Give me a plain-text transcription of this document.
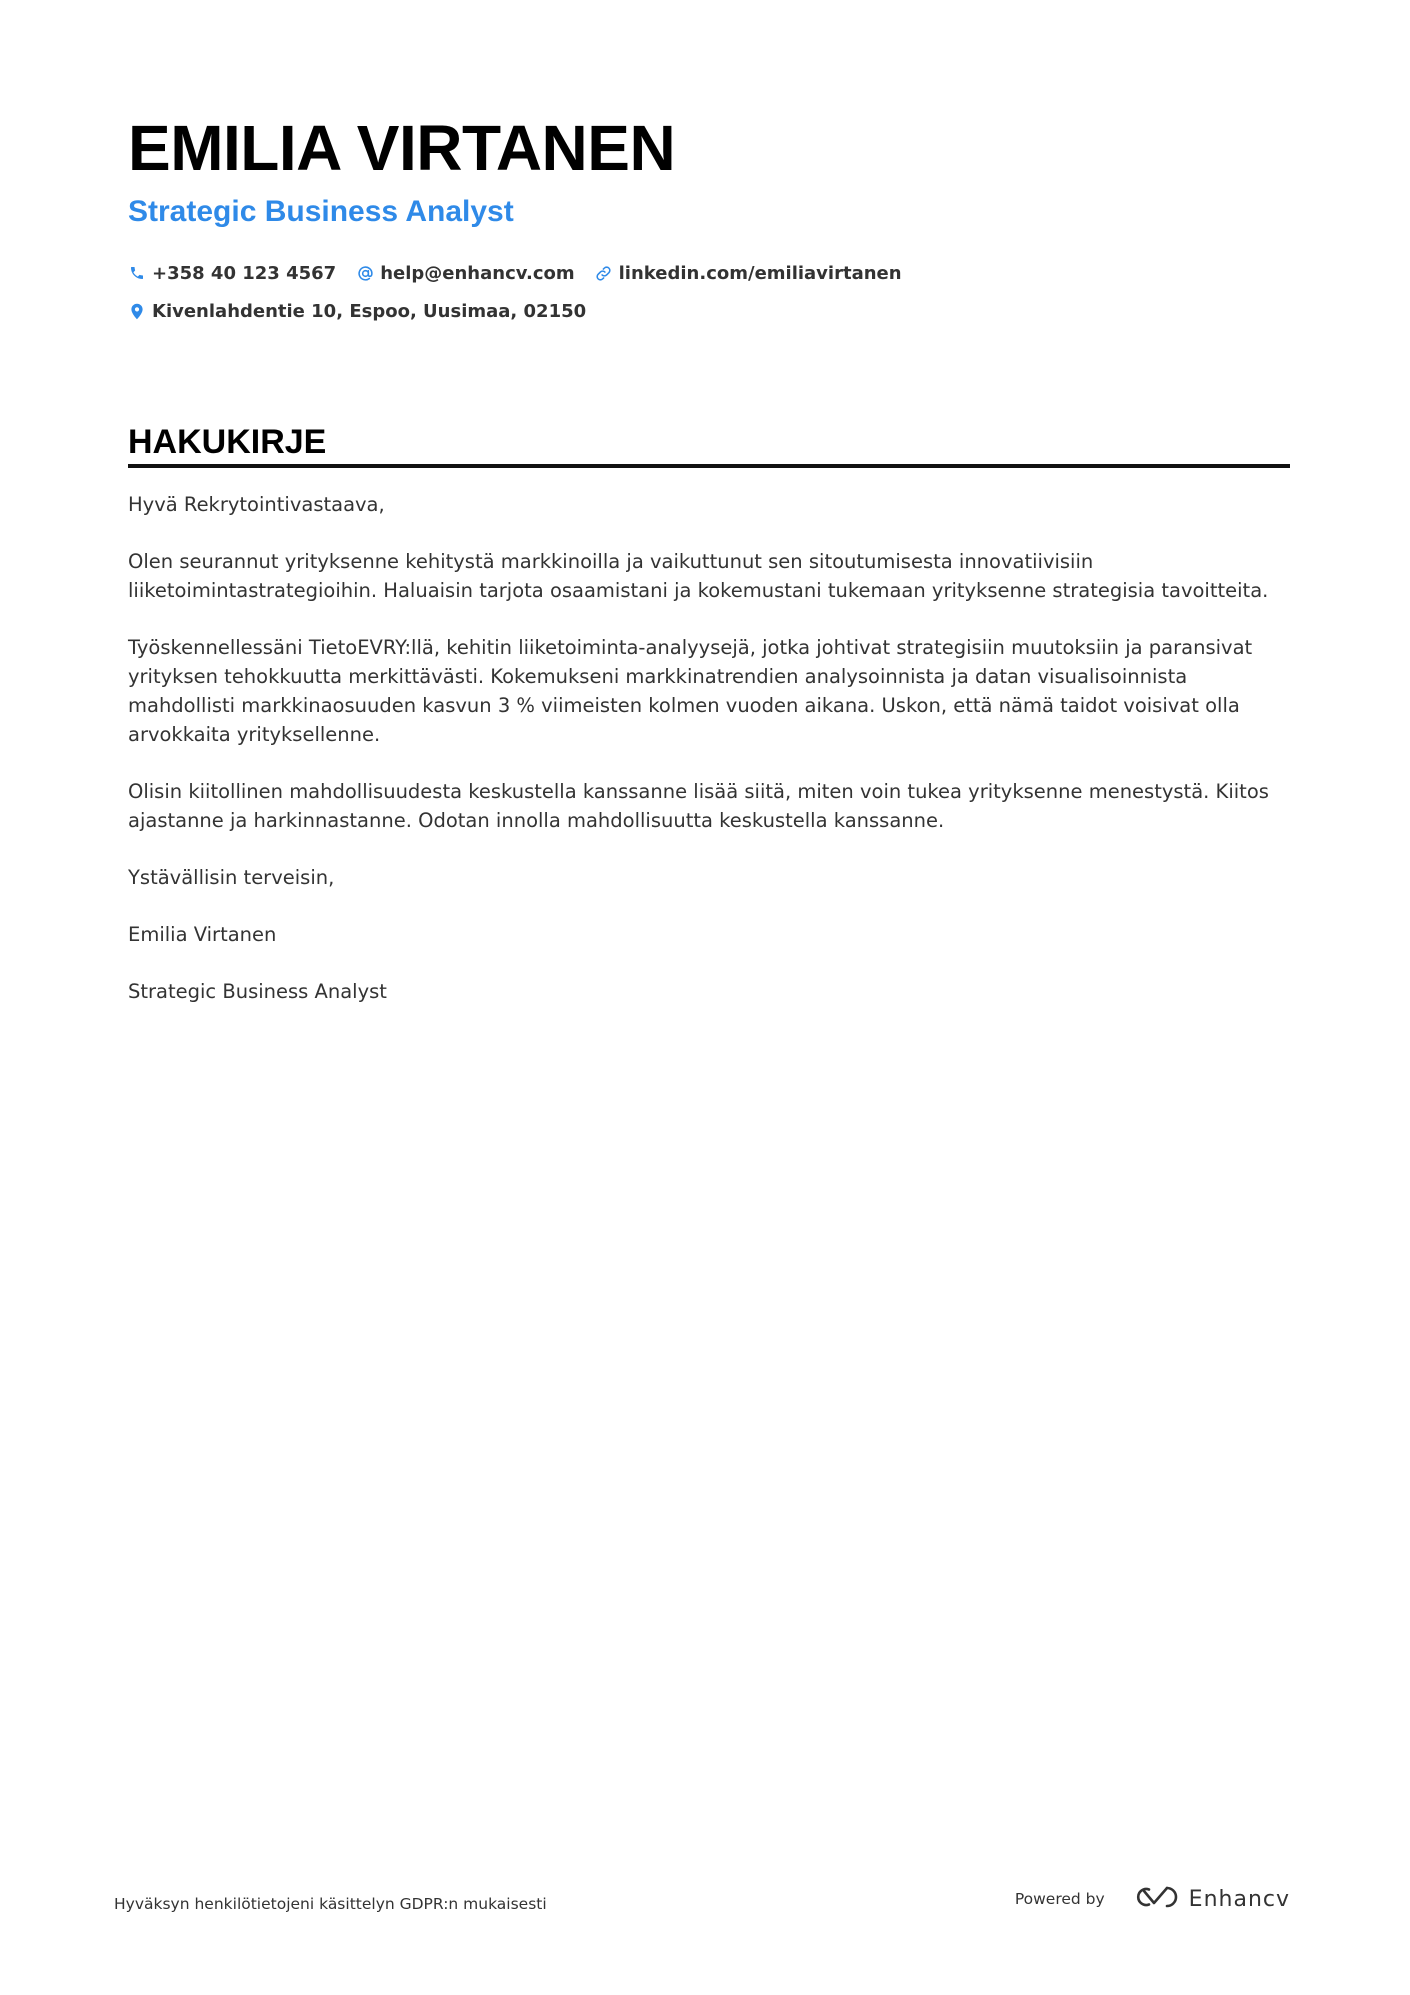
EMILIA VIRTANEN
Strategic Business Analyst
+358 40 123 4567 help@enhancv.com linkedin.com/emiliavirtanen
Kivenlahdentie 10, Espoo, Uusimaa, 02150
HAKUKIRJE

Hyvä Rekrytointivastaava,

Olen seurannut yrityksenne kehitystä markkinoilla ja vaikuttunut sen sitoutumisesta innovatiivisiin liiketoimintastrategioihin. Haluaisin tarjota osaamistani ja kokemustani tukemaan yrityksenne strategisia tavoitteita.

Työskennellessäni TietoEVRY:llä, kehitin liiketoiminta-analyysejä, jotka johtivat strategisiin muutoksiin ja paransivat yrityksen tehokkuutta merkittävästi. Kokemukseni markkinatrendien analysoinnista ja datan visualisoinnista mahdollisti markkinaosuuden kasvun 3 % viimeisten kolmen vuoden aikana. Uskon, että nämä taidot voisivat olla arvokkaita yrityksellenne.

Olisin kiitollinen mahdollisuudesta keskustella kanssanne lisää siitä, miten voin tukea yrityksenne menestystä. Kiitos ajastanne ja harkinnastanne. Odotan innolla mahdollisuutta keskustella kanssanne.

Ystävällisin terveisin,

Emilia Virtanen

Strategic Business Analyst

Hyväksyn henkilötietojeni käsittelyn GDPR:n mukaisesti	Powered by	Enhancv
